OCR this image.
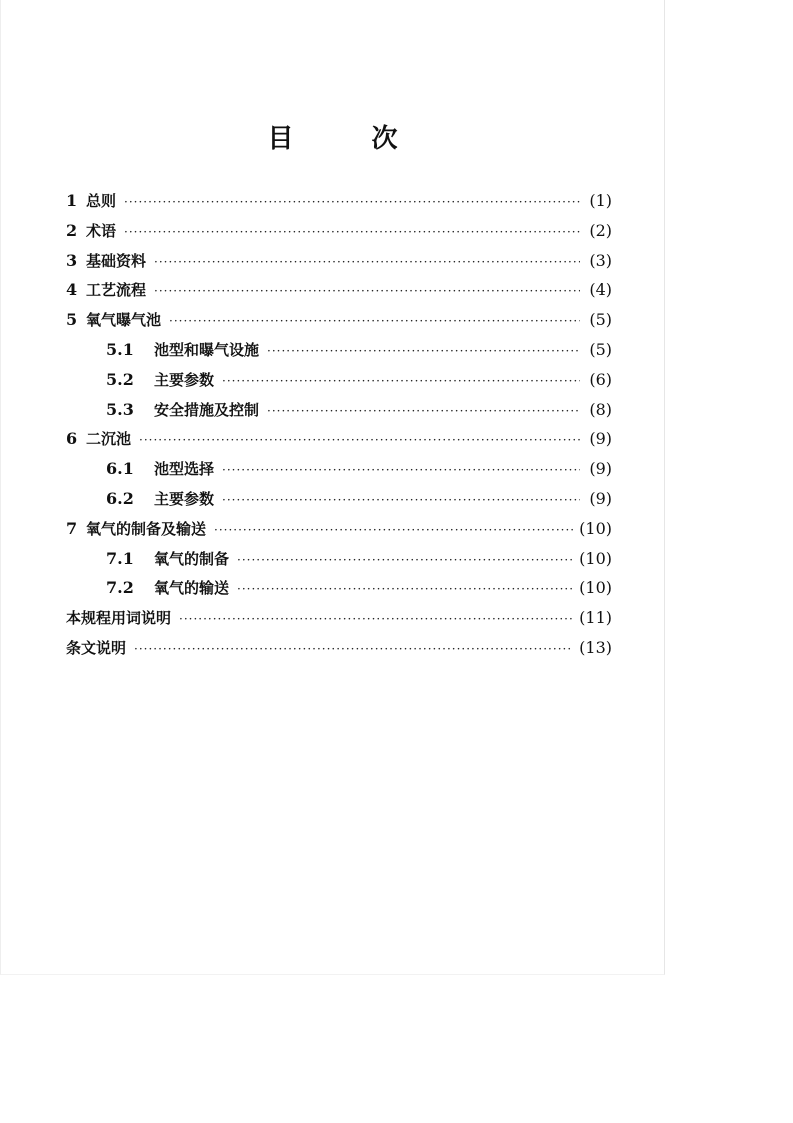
目	次
1 总则 ·····	(1)
2 术语 ·····	(2)
3 基础资料 ·····	(3)
4 工艺流程 ·····	(4)
5 氧气曝气池 ·····	(5)
5.1	池型和曝气设施 ·····	(5)
5.2	主要参数 ·····	(6)
5.3	安全措施及控制 ·····	(8)
6 二沉池 ·····	(9)
6.1	池型选择 ·····	(9)
6.2	主要参数 ·····	(9)
7 氧气的制备及输送 ·····	(10)
7.1	氧气的制备 ·····	(10)
7.2	氧气的输送 ·····	(10)
本规程用词说明 ·····	(11)
条文说明 ·····	(13)
